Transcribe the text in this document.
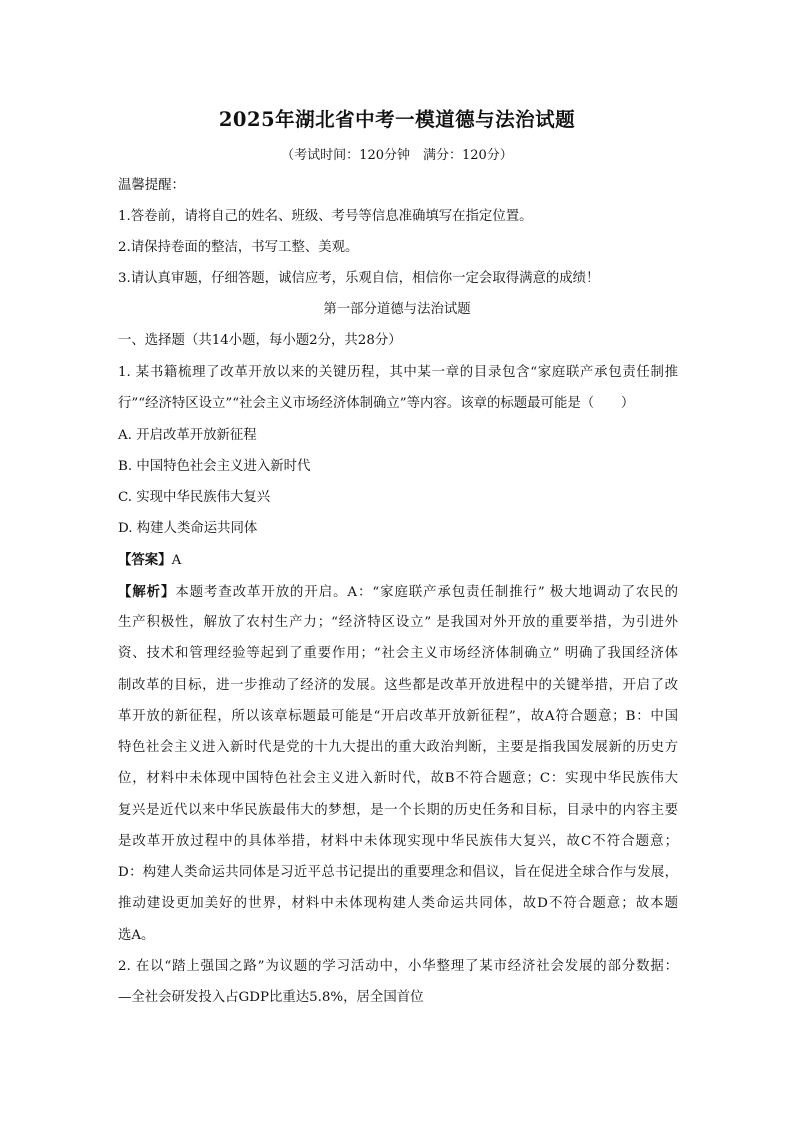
2025年湖北省中考一模道德与法治试题
（考试时间：120分钟　满分：120分）
温馨提醒：
1.答卷前，请将自己的姓名、班级、考号等信息准确填写在指定位置。
2.请保持卷面的整洁，书写工整、美观。
3.请认真审题，仔细答题，诚信应考，乐观自信，相信你一定会取得满意的成绩！
第一部分道德与法治试题
一、选择题（共14小题，每小题2分，共28分）
1. 某书籍梳理了改革开放以来的关键历程，其中某一章的目录包含“家庭联产承包责任制推
行”“经济特区设立”“社会主义市场经济体制确立”等内容。该章的标题最可能是（　　）
A. 开启改革开放新征程
B. 中国特色社会主义进入新时代
C. 实现中华民族伟大复兴
D. 构建人类命运共同体
【答案】A
【解析】本题考查改革开放的开启。A：“家庭联产承包责任制推行” 极大地调动了农民的
生产积极性，解放了农村生产力；“经济特区设立” 是我国对外开放的重要举措，为引进外
资、技术和管理经验等起到了重要作用；“社会主义市场经济体制确立” 明确了我国经济体
制改革的目标，进一步推动了经济的发展。这些都是改革开放进程中的关键举措，开启了改
革开放的新征程，所以该章标题最可能是“开启改革开放新征程”，故A符合题意；B：中国
特色社会主义进入新时代是党的十九大提出的重大政治判断，主要是指我国发展新的历史方
位，材料中未体现中国特色社会主义进入新时代，故B不符合题意；C：实现中华民族伟大
复兴是近代以来中华民族最伟大的梦想，是一个长期的历史任务和目标，目录中的内容主要
是改革开放过程中的具体举措，材料中未体现实现中华民族伟大复兴，故C不符合题意；
D：构建人类命运共同体是习近平总书记提出的重要理念和倡议，旨在促进全球合作与发展，
推动建设更加美好的世界，材料中未体现构建人类命运共同体，故D不符合题意；故本题
选A。
2. 在以“踏上强国之路”为议题的学习活动中，小华整理了某市经济社会发展的部分数据：
—全社会研发投入占GDP比重达5.8%，居全国首位
